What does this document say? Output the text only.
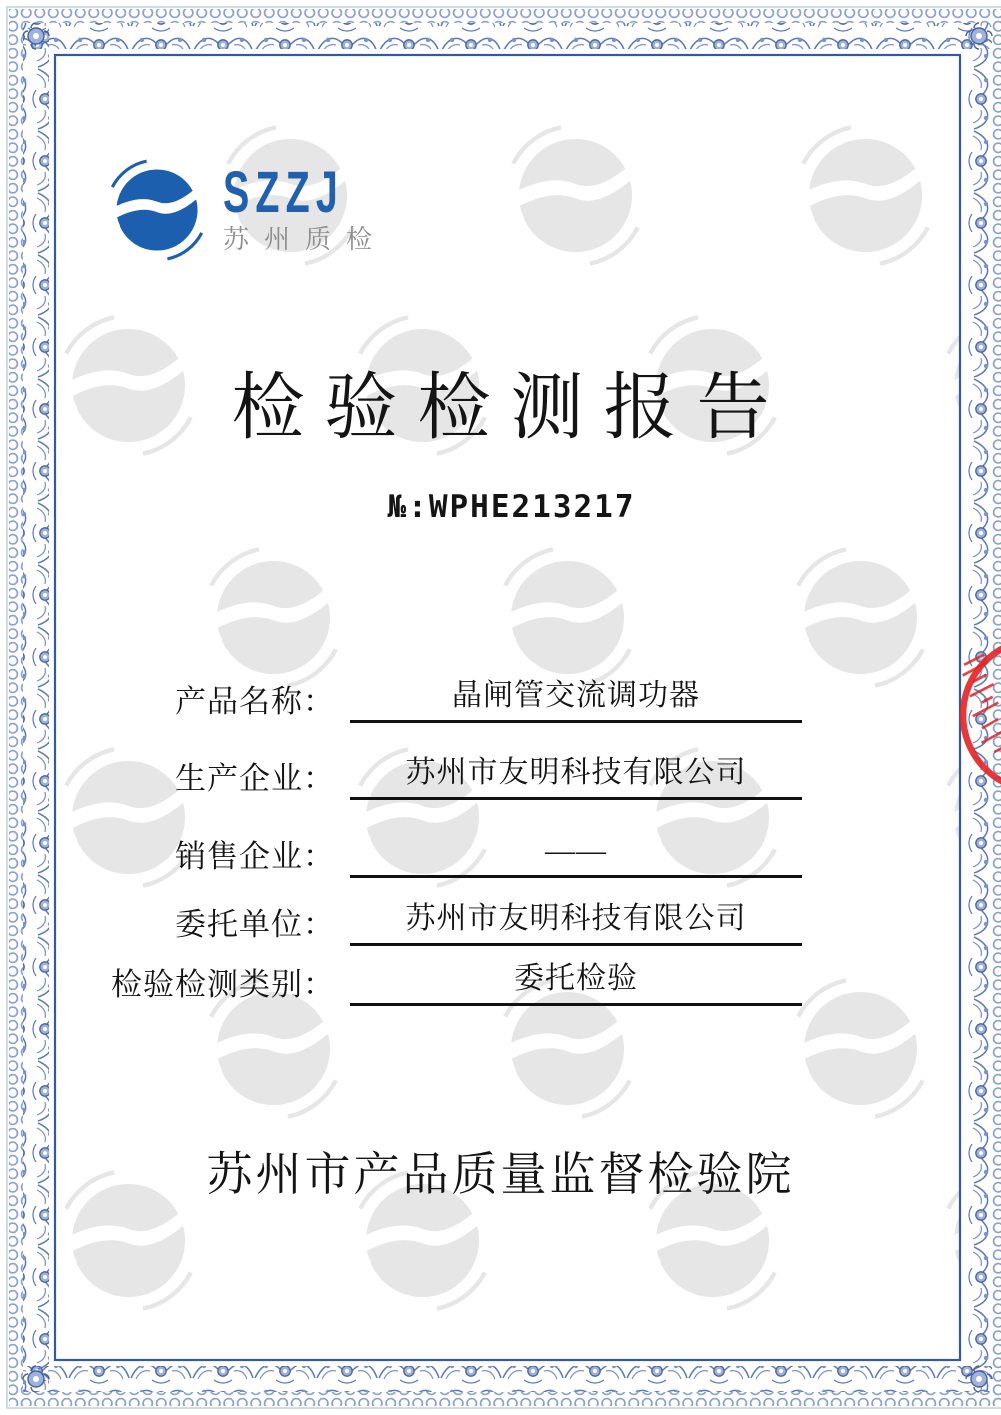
SZZJ
苏州质检
检验检测报告
№:WPHE213217
产品名称：	晶闸管交流调功器
生产企业：	苏州市友明科技有限公司
销售企业：	——
委托单位：	苏州市友明科技有限公司
检验检测类别：	委托检验
苏州市产品质量监督检验院
